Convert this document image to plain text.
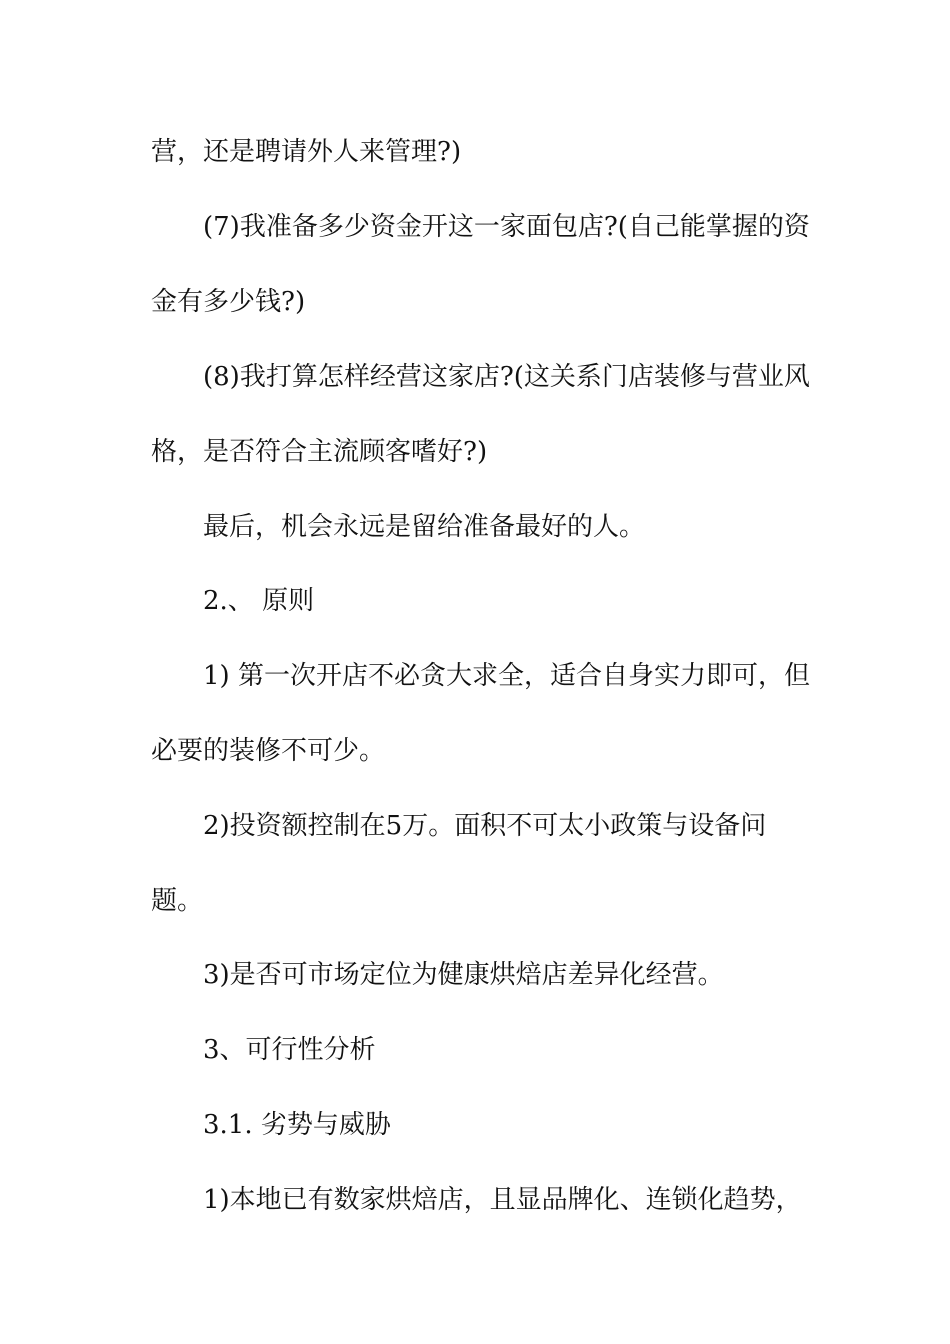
营，还是聘请外人来管理?)
(7)我准备多少资金开这一家面包店?(自己能掌握的资
金有多少钱?)
(8)我打算怎样经营这家店?(这关系门店装修与营业风
格，是否符合主流顾客嗜好?)
最后，机会永远是留给准备最好的人。
2.、 原则
1) 第一次开店不必贪大求全，适合自身实力即可，但
必要的装修不可少。
2)投资额控制在5万。面积不可太小政策与设备问
题。
3)是否可市场定位为健康烘焙店差异化经营。
3、可行性分析
3.1. 劣势与威胁
1)本地已有数家烘焙店，且显品牌化、连锁化趋势，
